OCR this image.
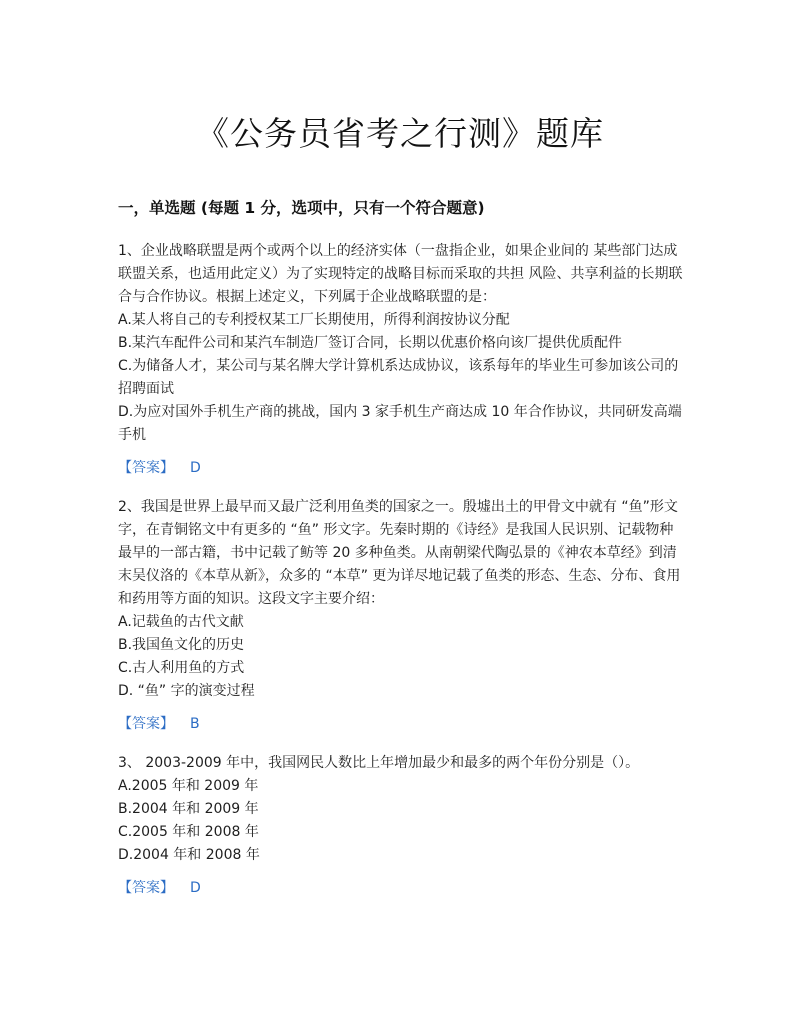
《公务员省考之行测》题库
一，单选题 (每题 1 分，选项中，只有一个符合题意)

1、企业战略联盟是两个或两个以上的经济实体（一盘指企业，如果企业间的 某些部门达成联盟关系，也适用此定义）为了实现特定的战略目标而采取的共担 风险、共享利益的长期联合与合作协议。根据上述定义，下列属于企业战略联盟的是：

A.某人将自己的专利授权某工厂长期使用，所得利润按协议分配

B.某汽车配件公司和某汽车制造厂签订合同，长期以优惠价格向该厂提供优质配件

C.为储备人才，某公司与某名牌大学计算机系达成协议，该系每年的毕业生可参加该公司的招聘面试

D.为应对国外手机生产商的挑战，国内 3 家手机生产商达成 10 年合作协议，共同研发高端手机

【答案】 D

2、我国是世界上最早而又最广泛利用鱼类的国家之一。殷墟出土的甲骨文中就有 “鱼”形文字，在青铜铭文中有更多的 “鱼” 形文字。先秦时期的《诗经》是我国人民识别、记载物种最早的一部古籍，书中记载了鲂等 20 多种鱼类。从南朝梁代陶弘景的《神农本草经》到清末吴仪洛的《本草从新》，众多的 “本草” 更为详尽地记载了鱼类的形态、生态、分布、食用和药用等方面的知识。这段文字主要介绍：

A.记载鱼的古代文献

B.我国鱼文化的历史

C.古人利用鱼的方式

D. “鱼” 字的演变过程

【答案】 B

3、 2003-2009 年中，我国网民人数比上年增加最少和最多的两个年份分别是（）。

A.2005 年和 2009 年

B.2004 年和 2009 年

C.2005 年和 2008 年

D.2004 年和 2008 年

【答案】 D
